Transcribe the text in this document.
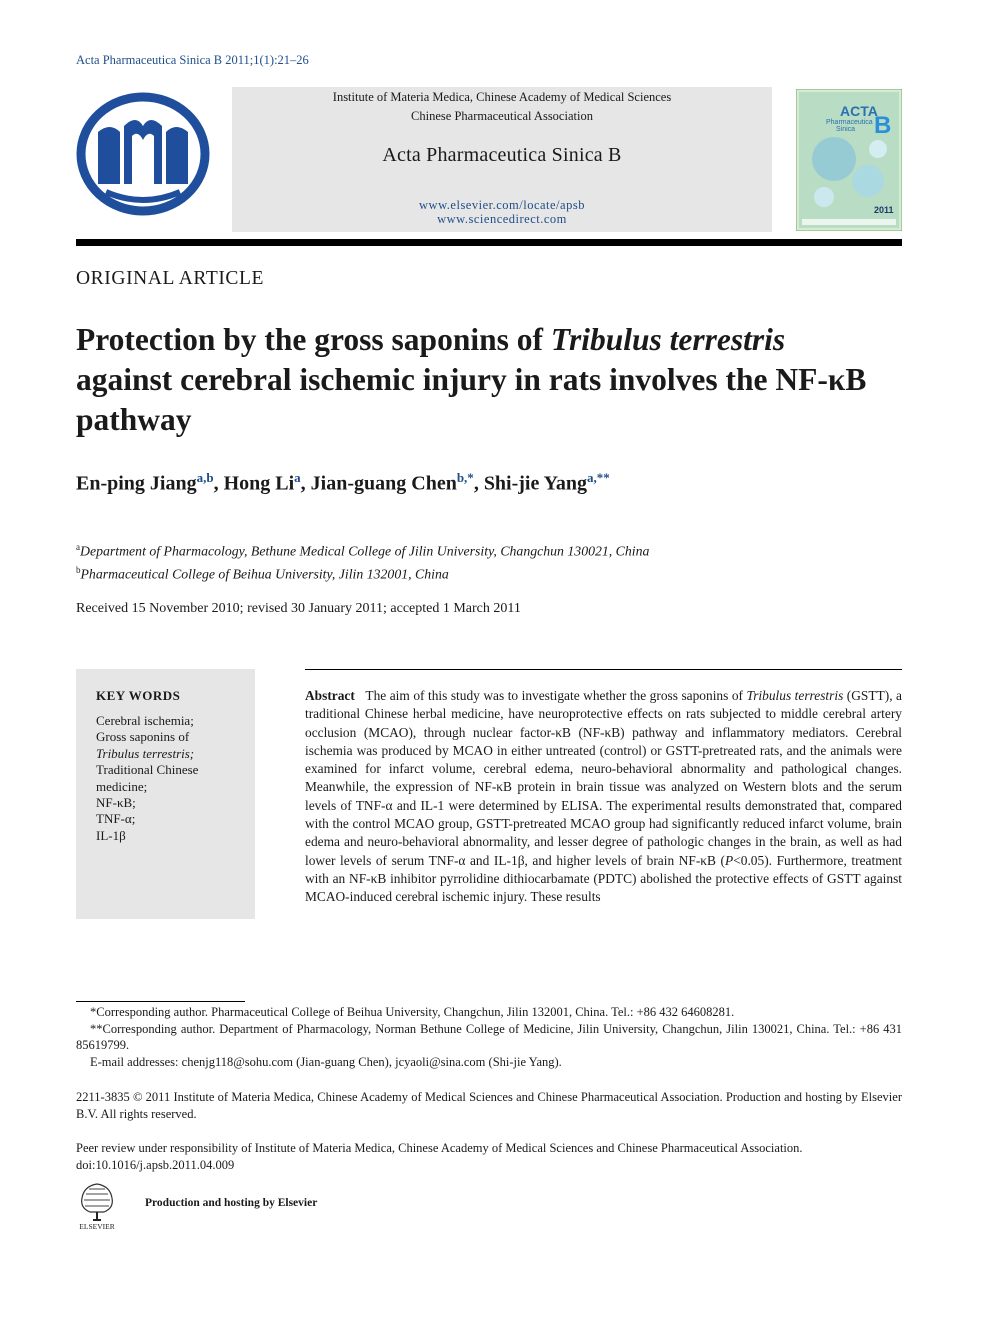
Acta Pharmaceutica Sinica B 2011;1(1):21–26
Institute of Materia Medica, Chinese Academy of Medical Sciences
Chinese Pharmaceutical Association
Acta Pharmaceutica Sinica B
www.elsevier.com/locate/apsb
www.sciencedirect.com
ACTA
Pharmaceutica
Sinica B
2011
ORIGINAL ARTICLE
Protection by the gross saponins of Tribulus terrestris
against cerebral ischemic injury in rats involves the NF-κB pathway
En-ping Jiang$^{a,b}$, Hong Li$^a$, Jian-guang Chen$^{b,*}$, Shi-jie Yang$^{a,**}$
$^a$Department of Pharmacology, Bethune Medical College of Jilin University, Changchun 130021, China
$^b$Pharmaceutical College of Beihua University, Jilin 132001, China
Received 15 November 2010; revised 30 January 2011; accepted 1 March 2011
KEY WORDS
Cerebral ischemia;
Gross saponins of
Tribulus terrestris;
Traditional Chinese
medicine;
NF-κB;
TNF-α;
IL-1β
Abstract The aim of this study was to investigate whether the gross saponins of Tribulus terrestris (GSTT), a traditional Chinese herbal medicine, have neuroprotective effects on rats subjected to middle cerebral artery occlusion (MCAO), through nuclear factor-κB (NF-κB) pathway and inflammatory mediators. Cerebral ischemia was produced by MCAO in either untreated (control) or GSTT-pretreated rats, and the animals were examined for infarct volume, cerebral edema, neuro-behavioral abnormality and pathological changes. Meanwhile, the expression of NF-κB protein in brain tissue was analyzed on Western blots and the serum levels of TNF-α and IL-1 were determined by ELISA. The experimental results demonstrated that, compared with the control MCAO group, GSTT-pretreated MCAO group had significantly reduced infarct volume, brain edema and neuro-behavioral abnormality, and lesser degree of pathologic changes in the brain, as well as had lower levels of serum TNF-α and IL-1β, and higher levels of brain NF-κB (P<0.05). Furthermore, treatment with an NF-κB inhibitor pyrrolidine dithiocarbamate (PDTC) abolished the protective effects of GSTT against MCAO-induced cerebral ischemic injury. These results

*Corresponding author. Pharmaceutical College of Beihua University, Changchun, Jilin 132001, China. Tel.: +86 432 64608281.

**Corresponding author. Department of Pharmacology, Norman Bethune College of Medicine, Jilin University, Changchun, Jilin 130021, China. Tel.: +86 431 85619799.

E-mail addresses: chenjg118@sohu.com (Jian-guang Chen), jcyaoli@sina.com (Shi-jie Yang).

2211-3835 © 2011 Institute of Materia Medica, Chinese Academy of Medical Sciences and Chinese Pharmaceutical Association. Production and hosting by Elsevier B.V. All rights reserved.
Peer review under responsibility of Institute of Materia Medica, Chinese Academy of Medical Sciences and Chinese Pharmaceutical Association.
doi:10.1016/j.apsb.2011.04.009
ELSEVIER
Production and hosting by Elsevier
